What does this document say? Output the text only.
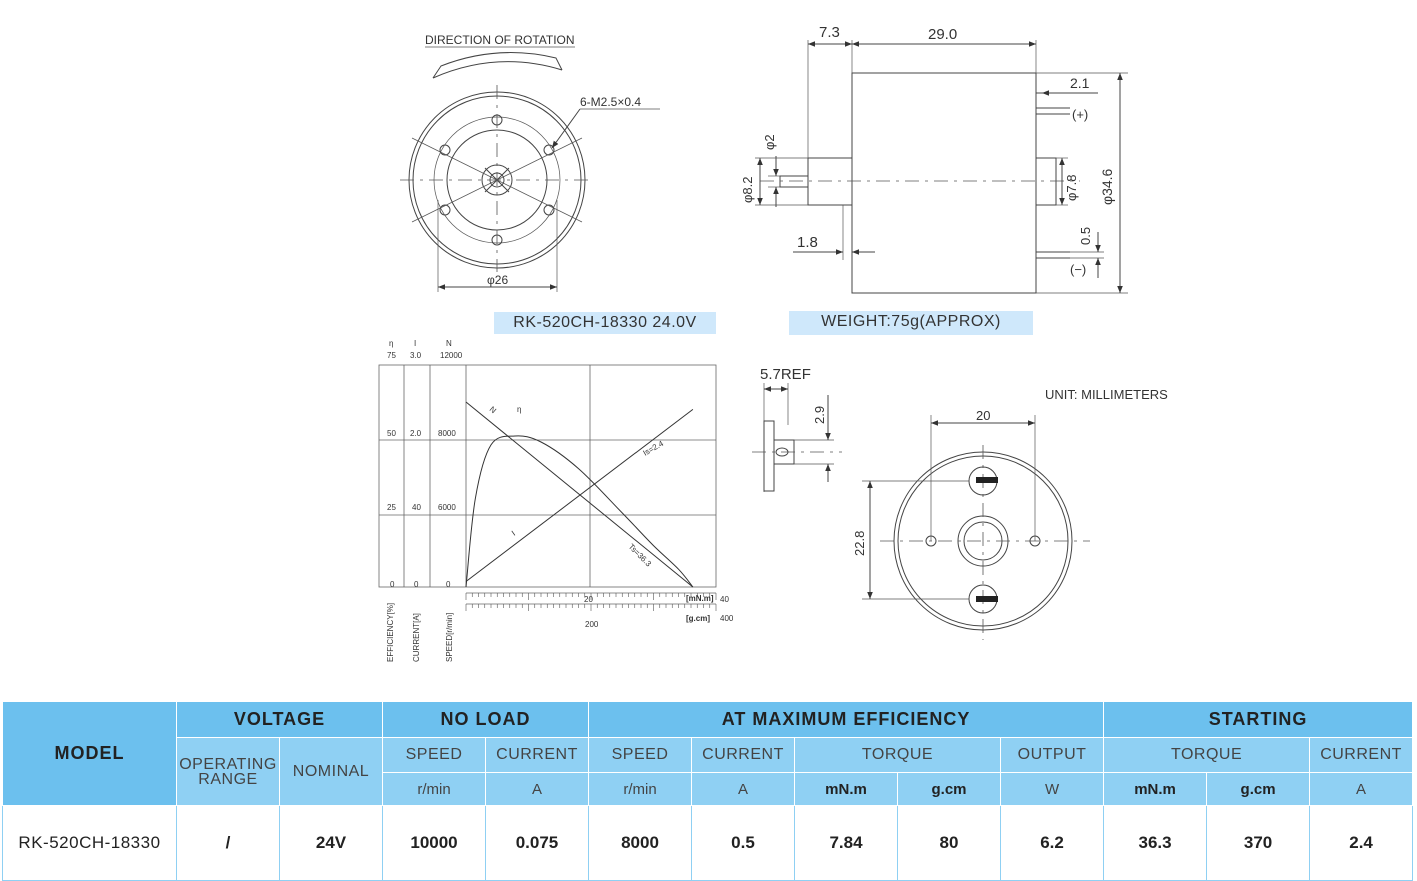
DIRECTION OF ROTATION
6-M2.5×0.4
φ26
(+)
(−)
7.3	29.0
2.1
φ34.6
φ7.8
0.5
φ2
φ8.2
1.8
η	I	N
75 3.0 12000
50
25
0
2.0
40
0
8000
6000
0
EFFICIENCY[%] CURRENT[A]	SPEED[r/min]
20	40
[mN.m]
200
400
[g.cm]
N η
I
Is=2.4
Ts=36.3
5.7REF
2.9	20
22.8
UNIT: MILLIMETERS
RK-520CH-18330 24.0V	WEIGHT:75g(APPROX)
MODEL	VOLTAGE		NO LOAD		AT MAXIMUM EFFICIENCY					STARTING		
	OPERATING RANGE	NOMINAL	SPEED	CURRENT	SPEED	CURRENT	TORQUE		OUTPUT	TORQUE		CURRENT
			r/min	A	r/min	A	mN.m	g.cm	W	mN.m	g.cm	A
RK-520CH-18330	/	24V	10000	0.075	8000	0.5	7.84	80	6.2	36.3	370	2.4
